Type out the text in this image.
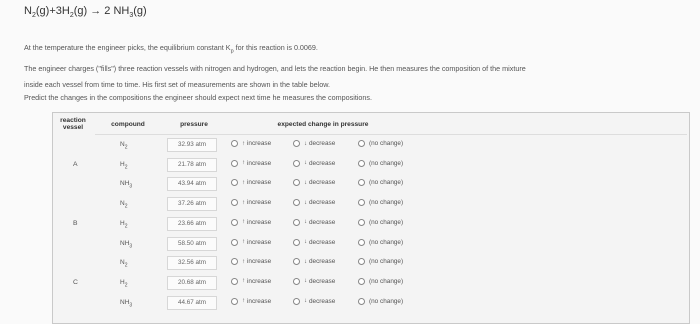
$N_2(g)+3H_2(g) \to 2$ $NH_3(g)$
At the temperature the engineer picks, the equilibrium constant $K_p$ for this reaction is 0.0069.
The engineer charges ("fills") three reaction vessels with nitrogen and hydrogen, and lets the reaction begin. He then measures the composition of the mixture
inside each vessel from time to time. His first set of measurements are shown in the table below.
Predict the changes in the compositions the engineer should expect next time he measures the compositions.
reaction vessel	compound	pressure	expected change in pressure
A
$N_2$	32.93 atm	↑ increase	↓ decrease	(no change)
$H_2$	21.78 atm	↑ increase	↓ decrease	(no change)
$NH_3$	43.94 atm	↑ increase	↓ decrease	(no change)
B
$N_2$	37.26 atm	↑ increase	↓ decrease	(no change)
$H_2$	23.66 atm	↑ increase	↓ decrease	(no change)
$NH_3$	58.50 atm	↑ increase	↓ decrease	(no change)
C
$N_2$	32.56 atm	↑ increase	↓ decrease	(no change)
$H_2$	20.68 atm	↑ increase	↓ decrease	(no change)
$NH_3$	44.67 atm	↑ increase	↓ decrease	(no change)
